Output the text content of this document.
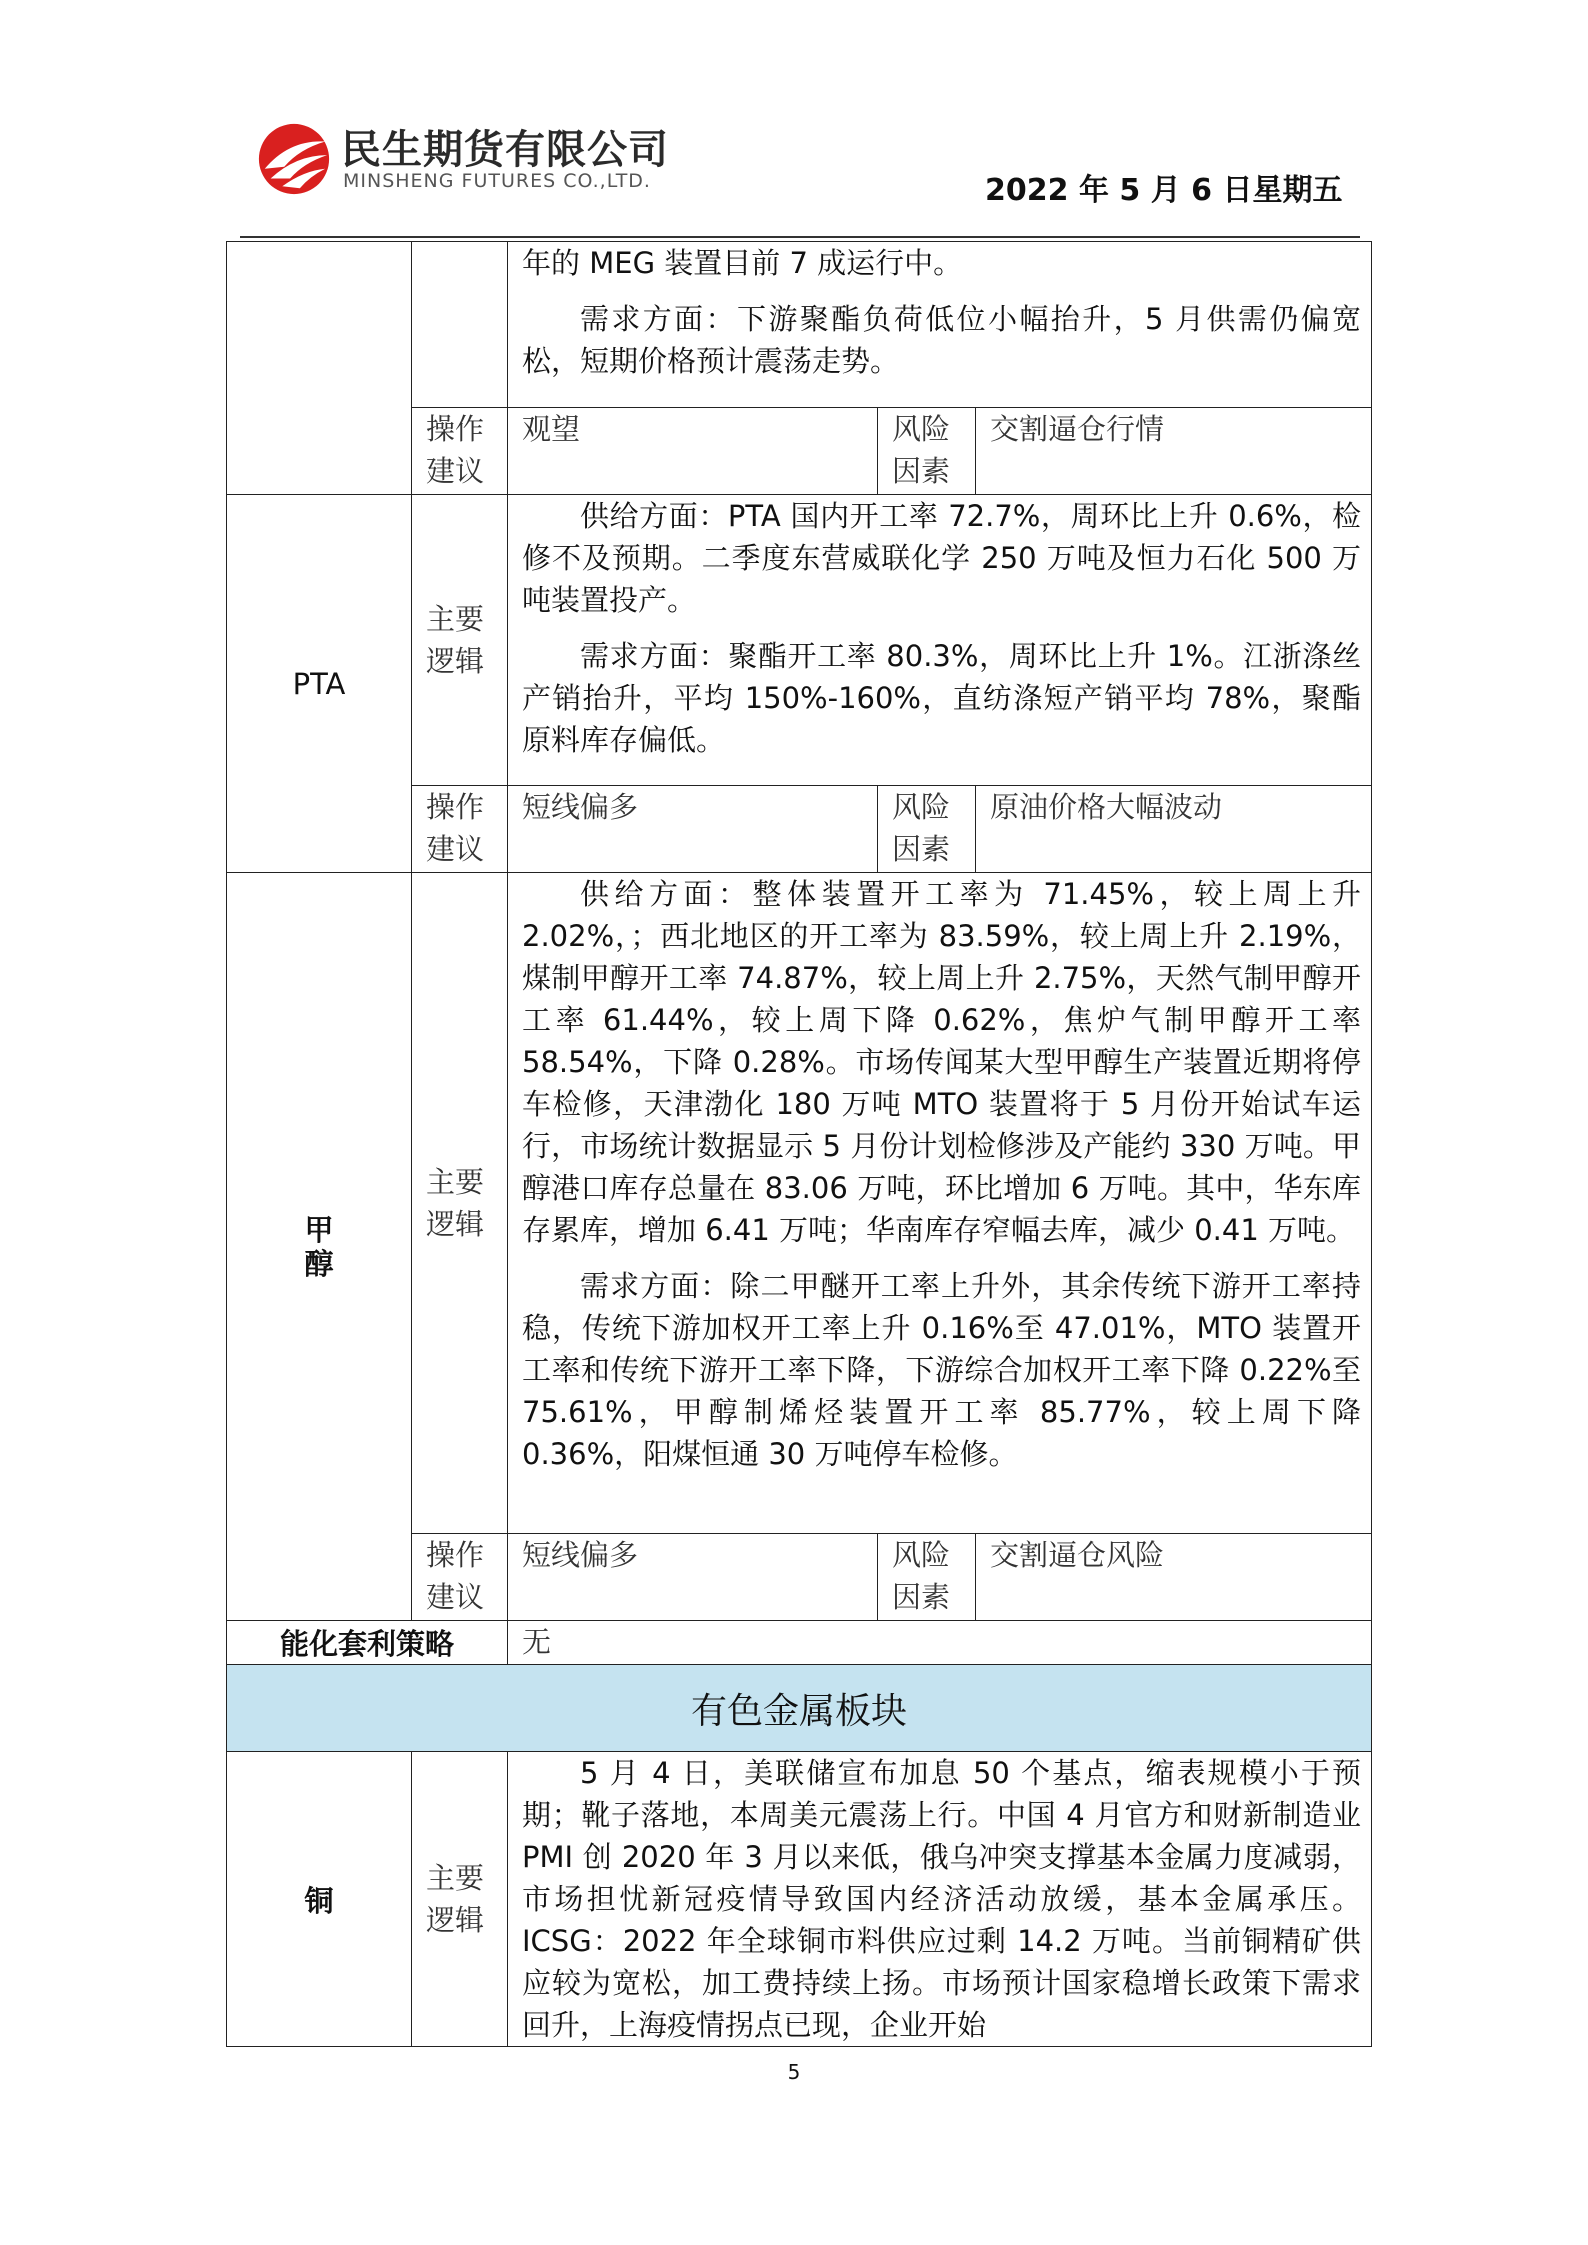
民生期货有限公司
MINSHENG FUTURES CO.,LTD.	2022 年 5 月 6 日星期五

		年的 MEG 装置目前 7 成运行中。

需求方面：下游聚酯负荷低位小幅抬升，5 月供需仍偏宽松，短期价格预计震荡走势。		

	操作建议	观望	风险因素	交割逼仓行情

PTA	主要逻辑	供给方面：PTA 国内开工率 72.7%，周环比上升 0.6%，检修不及预期。二季度东营威联化学 250 万吨及恒力石化 500 万吨装置投产。

需求方面：聚酯开工率 80.3%，周环比上升 1%。江浙涤丝产销抬升，平均 150%-160%，直纺涤短产销平均 78%，聚酯原料库存偏低。		

	操作建议	短线偏多	风险因素	原油价格大幅波动

甲醇	主要逻辑	供给方面：整体装置开工率为 71.45%，较上周上升 2.02%，；西北地区的开工率为 83.59%，较上周上升 2.19%，煤制甲醇开工率 74.87%，较上周上升 2.75%，天然气制甲醇开工率 61.44%，较上周下降 0.62%，焦炉气制甲醇开工率 58.54%，下降 0.28%。市场传闻某大型甲醇生产装置近期将停车检修，天津渤化 180 万吨 MTO 装置将于 5 月份开始试车运行，市场统计数据显示 5 月份计划检修涉及产能约 330 万吨。甲醇港口库存总量在 83.06 万吨，环比增加 6 万吨。其中，华东库存累库，增加 6.41 万吨；华南库存窄幅去库，减少 0.41 万吨。

需求方面：除二甲醚开工率上升外，其余传统下游开工率持稳，传统下游加权开工率上升 0.16%至 47.01%，MTO 装置开工率和传统下游开工率下降，下游综合加权开工率下降 0.22%至 75.61%，甲醇制烯烃装置开工率 85.77%，较上周下降 0.36%，阳煤恒通 30 万吨停车检修。		

	操作建议	短线偏多	风险因素	交割逼仓风险

能化套利策略		无		

有色金属板块				
铜	主要逻辑	5 月 4 日，美联储宣布加息 50 个基点，缩表规模小于预期；靴子落地，本周美元震荡上行。中国 4 月官方和财新制造业 PMI 创 2020 年 3 月以来低，俄乌冲突支撑基本金属力度减弱，市场担忧新冠疫情导致国内经济活动放缓，基本金属承压。ICSG：2022 年全球铜市料供应过剩 14.2 万吨。当前铜精矿供应较为宽松，加工费持续上扬。市场预计国家稳增长政策下需求回升，上海疫情拐点已现，企业开始		

5
